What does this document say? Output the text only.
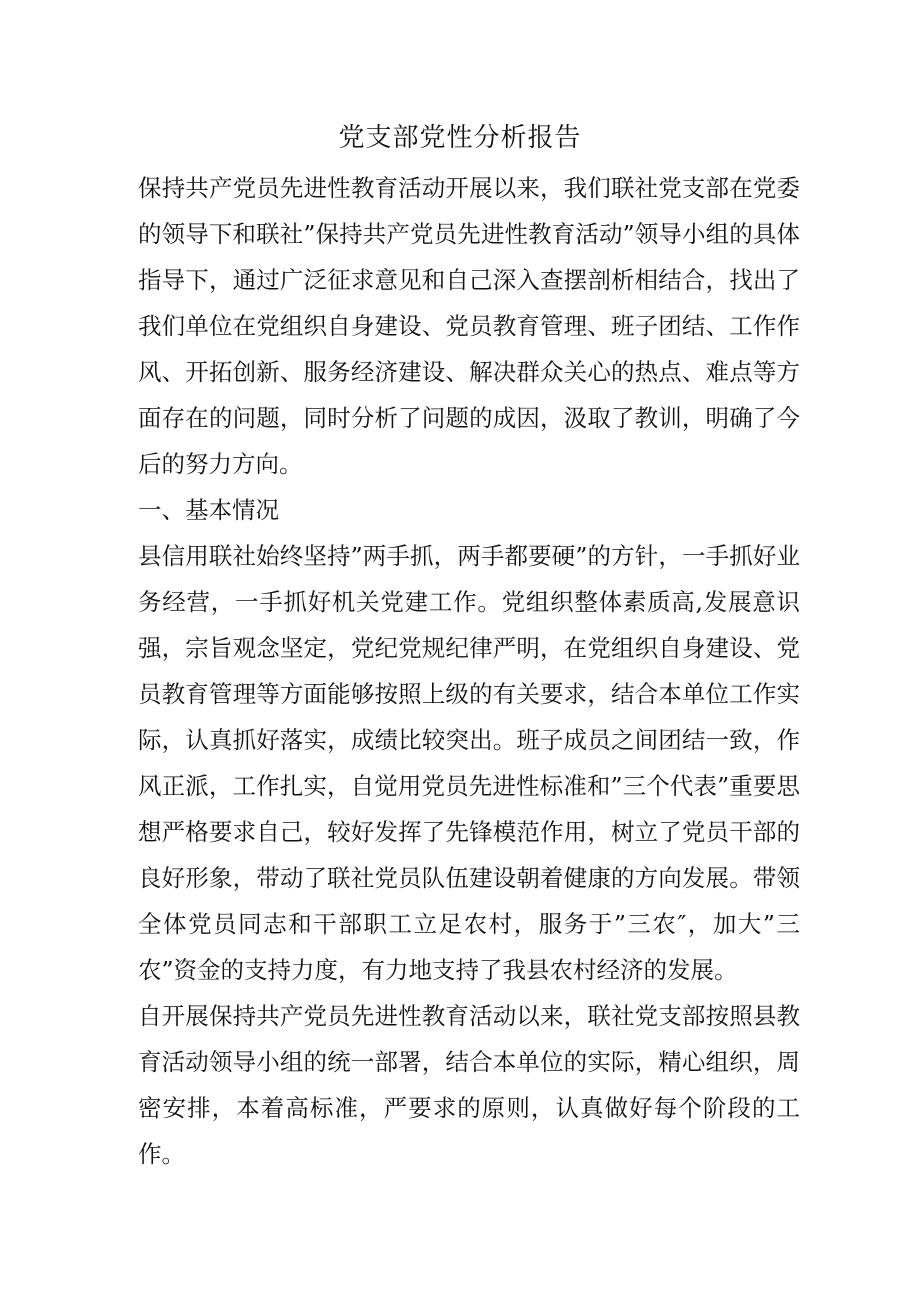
党支部党性分析报告

保持共产党员先进性教育活动开展以来，我们联社党支部在党委的领导下和联社”保持共产党员先进性教育活动”领导小组的具体指导下，通过广泛征求意见和自己深入查摆剖析相结合，找出了我们单位在党组织自身建设、党员教育管理、班子团结、工作作风、开拓创新、服务经济建设、解决群众关心的热点、难点等方面存在的问题，同时分析了问题的成因，汲取了教训，明确了今后的努力方向。

一、基本情况

县信用联社始终坚持”两手抓，两手都要硬”的方针，一手抓好业务经营，一手抓好机关党建工作。党组织整体素质高,发展意识强，宗旨观念坚定，党纪党规纪律严明，在党组织自身建设、党员教育管理等方面能够按照上级的有关要求，结合本单位工作实际，认真抓好落实，成绩比较突出。班子成员之间团结一致，作风正派，工作扎实，自觉用党员先进性标准和”三个代表”重要思想严格要求自己，较好发挥了先锋模范作用，树立了党员干部的良好形象，带动了联社党员队伍建设朝着健康的方向发展。带领全体党员同志和干部职工立足农村，服务于”三农″，加大”三农”资金的支持力度，有力地支持了我县农村经济的发展。

自开展保持共产党员先进性教育活动以来，联社党支部按照县教育活动领导小组的统一部署，结合本单位的实际，精心组织，周密安排，本着高标准，严要求的原则，认真做好每个阶段的工作。
